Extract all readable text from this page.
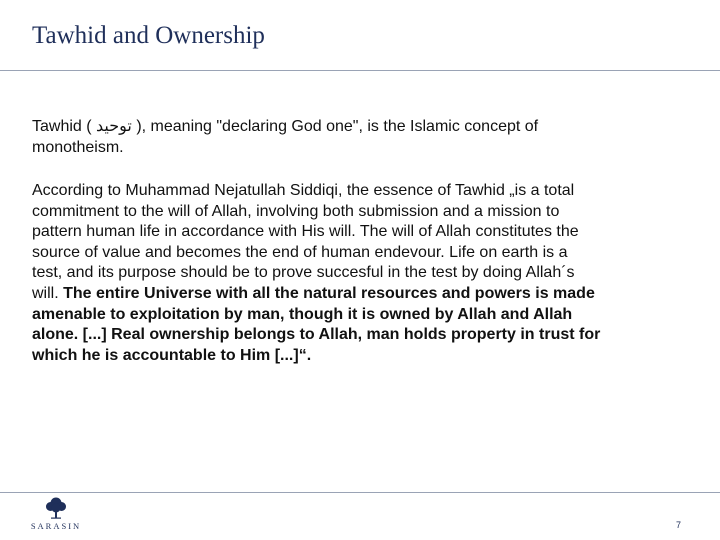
Tawhid and Ownership

Tawhid ( توحيد ), meaning "declaring God one", is the Islamic concept of monotheism.

According to Muhammad Nejatullah Siddiqi, the essence of Tawhid „is a total commitment to the will of Allah, involving both submission and a mission to pattern human life in accordance with His will. The will of Allah constitutes the source of value and becomes the end of human endevour. Life on earth is a test, and its purpose should be to prove succesful in the test by doing Allah´s will. The entire Universe with all the natural resources and powers is made amenable to exploitation by man, though it is owned by Allah and Allah alone. [...] Real ownership belongs to Allah, man holds property in trust for which he is accountable to Him [...]“.

SARASIN	7
